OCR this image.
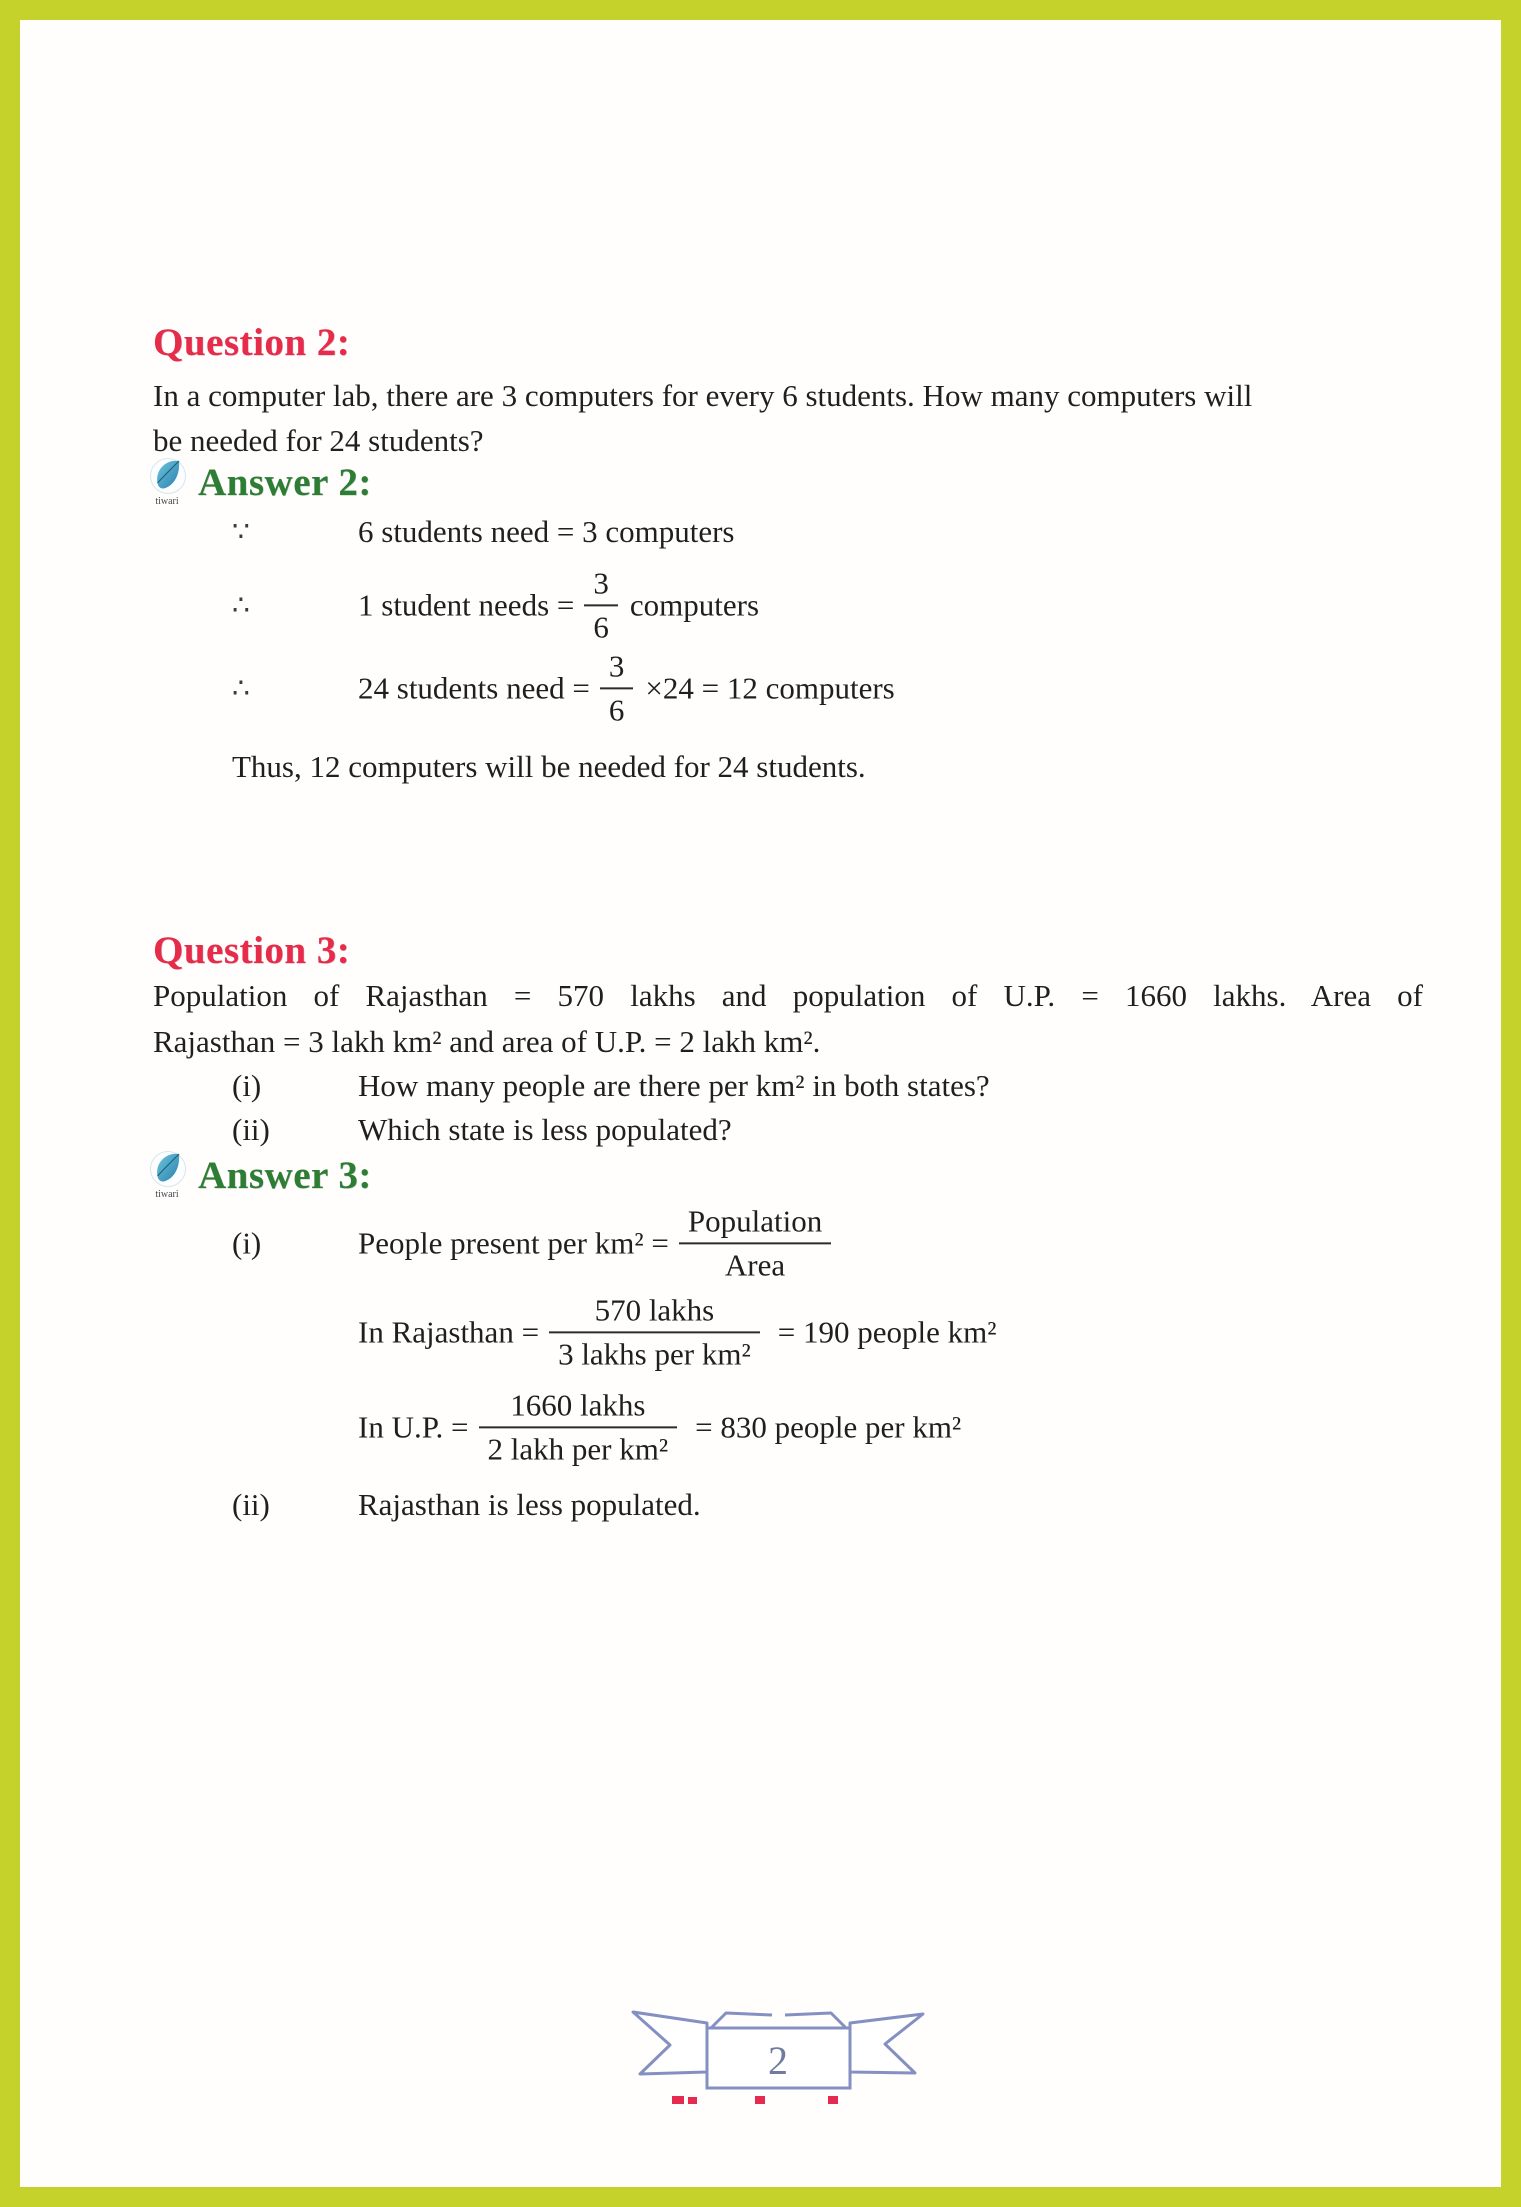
Question 2:
In a computer lab, there are 3 computers for every 6 students. How many computers will
be needed for 24 students?
tiwari Answer 2:
∵	6 students need = 3 computers
∴	1 student needs = $\frac{3}{6}$ computers
∴	24 students need = $\frac{3}{6} \times 24 = 12$ computers
Thus, 12 computers will be needed for 24 students.
Question 3:
Population of Rajasthan = 570 lakhs and population of U.P. = 1660 lakhs. Area of
Rajasthan = 3 lakh km² and area of U.P. = 2 lakh km².
(i)	How many people are there per km² in both states?
(ii)	Which state is less populated?
tiwari Answer 3:
(i)	People present per $km^2 = \frac{\text{Population}}{\text{Area}}$
In Rajasthan = $\frac{\text{570 lakhs}}{\text{3 lakhs per km²}} = 190$ people km²
In U.P. = $\frac{\text{1660 lakhs}}{\text{2 lakh per km²}} = 830$ people per km²
(ii)	Rajasthan is less populated.
2
